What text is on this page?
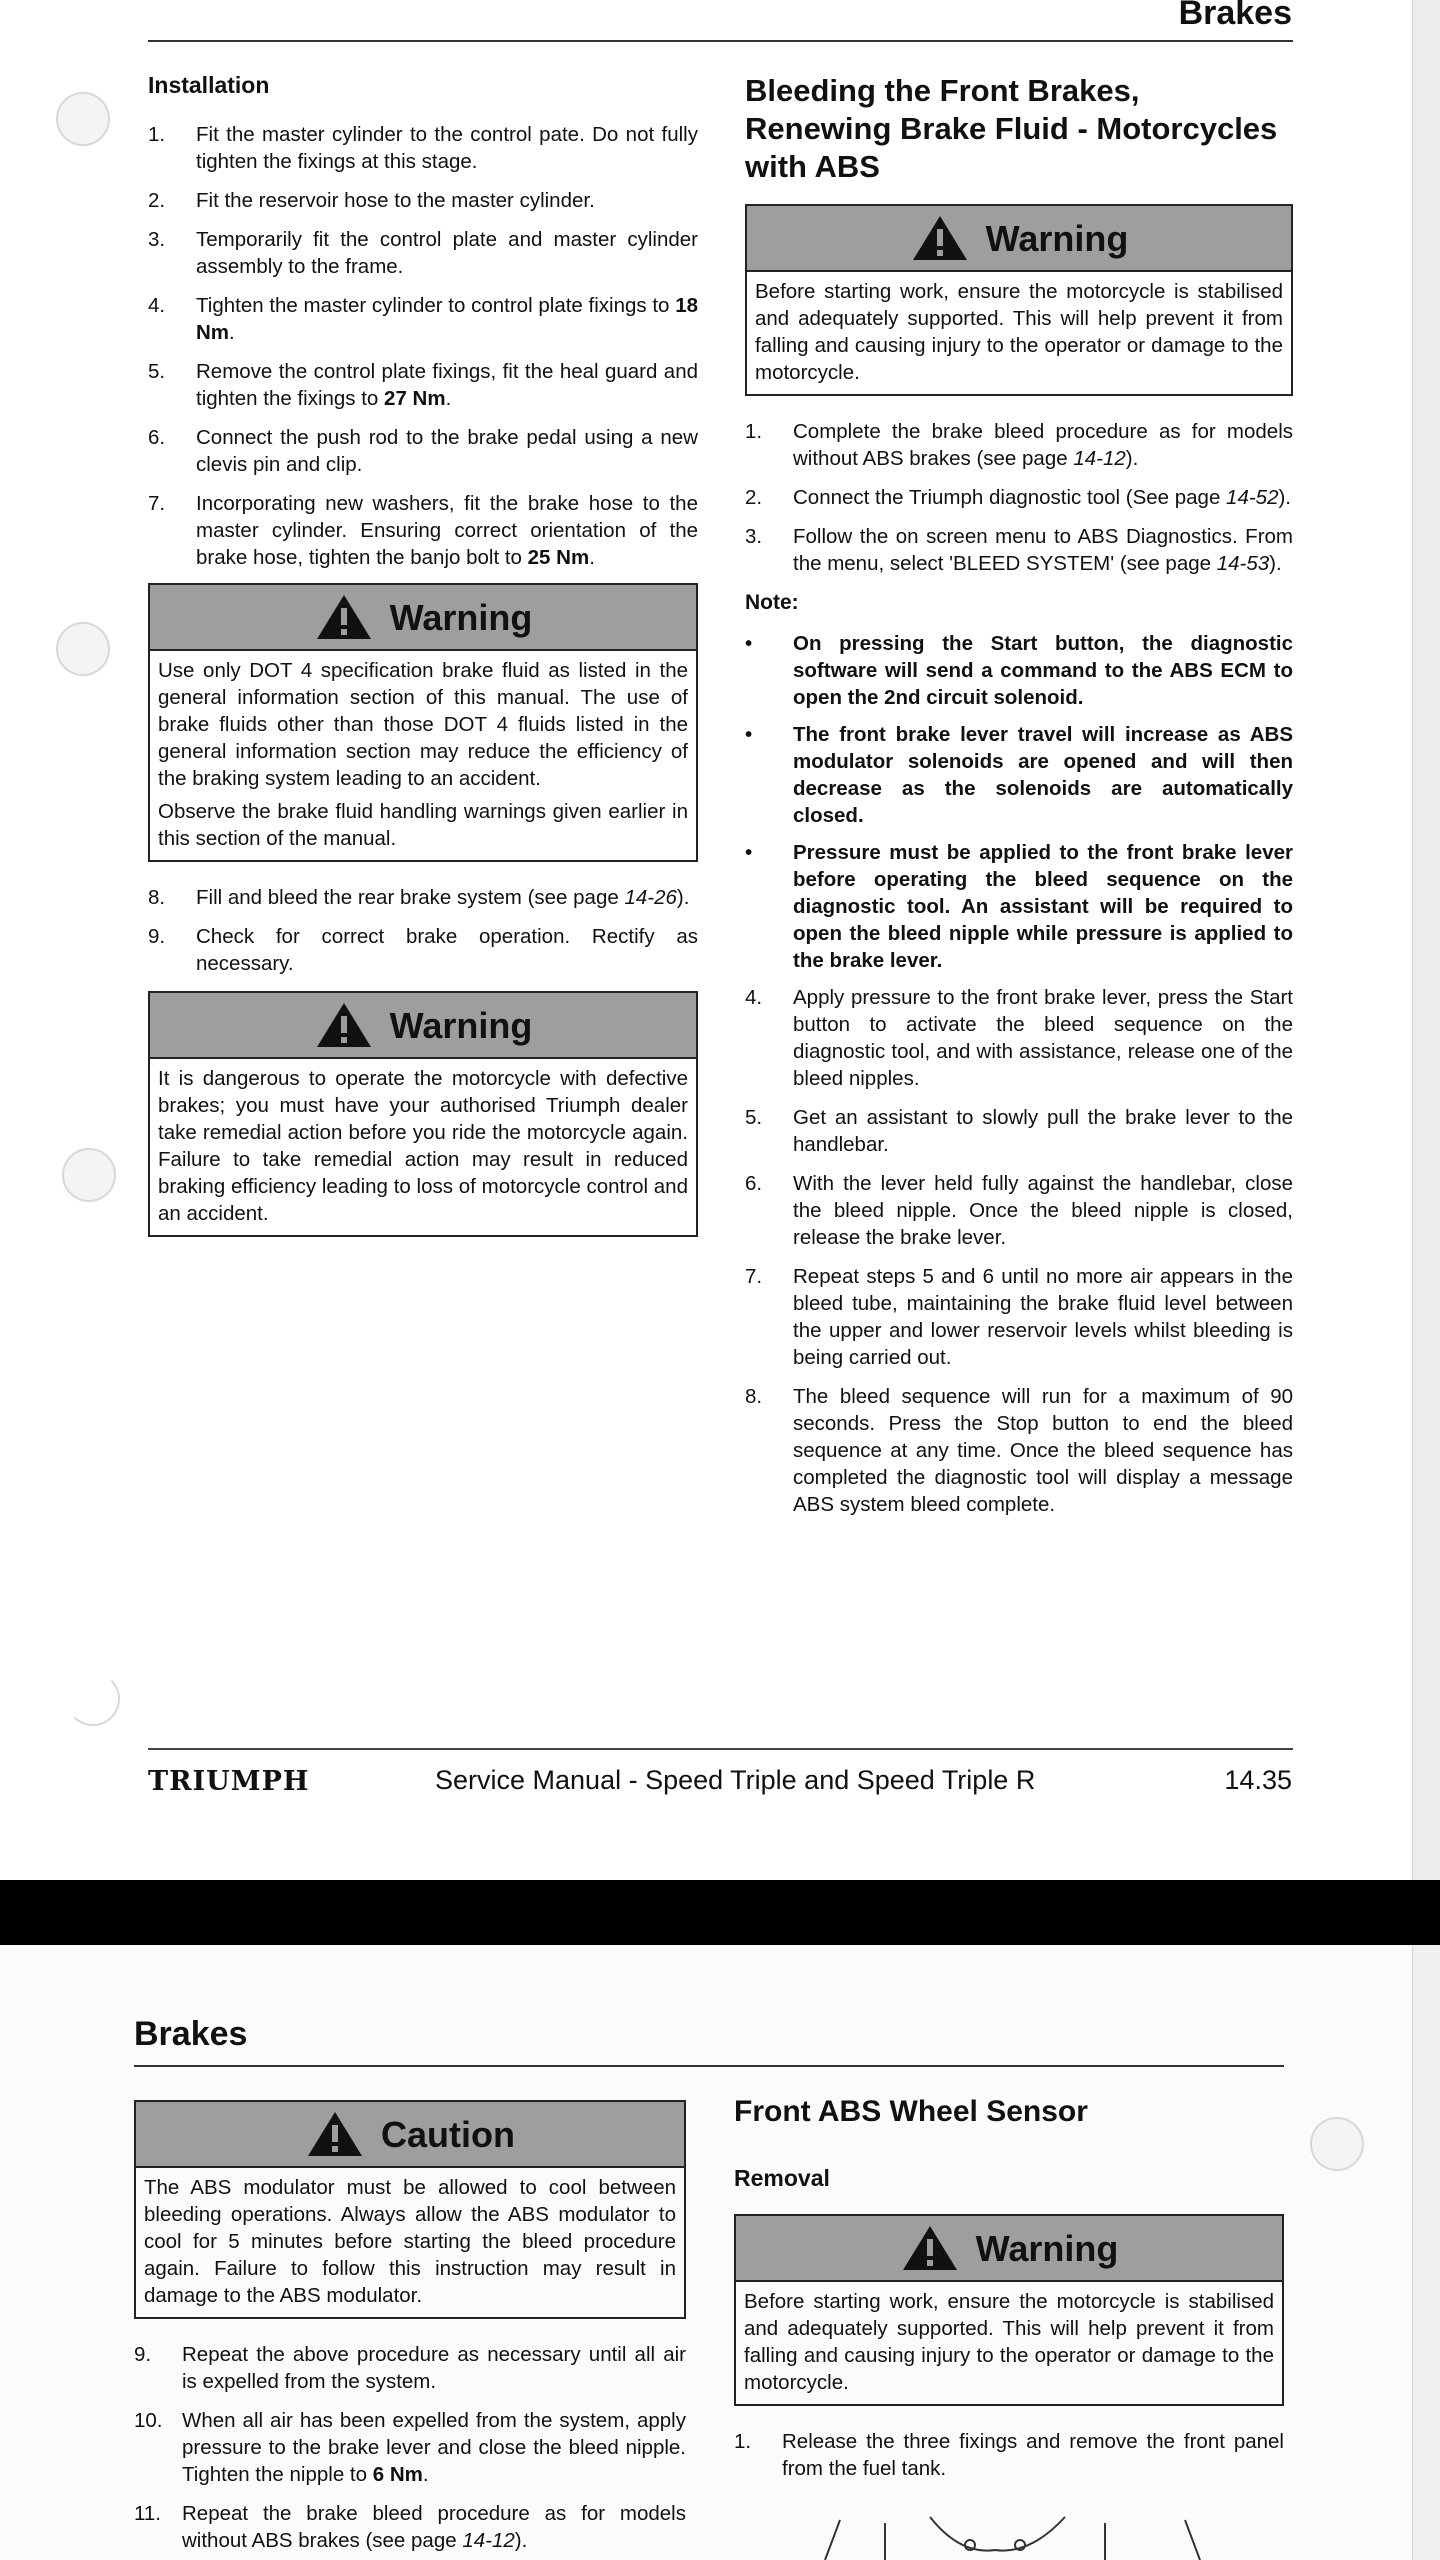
Brakes
Installation
1.	Fit the master cylinder to the control pate. Do not fully tighten the fixings at this stage.
2.	Fit the reservoir hose to the master cylinder.
3.	Temporarily fit the control plate and master cylinder assembly to the frame.
4.	Tighten the master cylinder to control plate fixings to 18 Nm.
5.	Remove the control plate fixings, fit the heal guard and tighten the fixings to 27 Nm.
6.	Connect the push rod to the brake pedal using a new clevis pin and clip.
7.	Incorporating new washers, fit the brake hose to the master cylinder. Ensuring correct orientation of the brake hose, tighten the banjo bolt to 25 Nm.
Warning

Use only DOT 4 specification brake fluid as listed in the general information section of this manual. The use of brake fluids other than those DOT 4 fluids listed in the general information section may reduce the efficiency of the braking system leading to an accident.

Observe the brake fluid handling warnings given earlier in this section of the manual.

8.	Fill and bleed the rear brake system (see page 14-26).
9.	Check for correct brake operation. Rectify as necessary.
Warning

It is dangerous to operate the motorcycle with defective brakes; you must have your authorised Triumph dealer take remedial action before you ride the motorcycle again. Failure to take remedial action may result in reduced braking efficiency leading to loss of motorcycle control and an accident.

Bleeding the Front Brakes, Renewing Brake Fluid - Motorcycles with ABS
Warning

Before starting work, ensure the motorcycle is stabilised and adequately supported. This will help prevent it from falling and causing injury to the operator or damage to the motorcycle.

1.	Complete the brake bleed procedure as for models without ABS brakes (see page 14-12).
2.	Connect the Triumph diagnostic tool (See page 14-52).
3.	Follow the on screen menu to ABS Diagnostics. From the menu, select 'BLEED SYSTEM' (see page 14-53).
Note:
•	On pressing the Start button, the diagnostic software will send a command to the ABS ECM to open the 2nd circuit solenoid.
•	The front brake lever travel will increase as ABS modulator solenoids are opened and will then decrease as the solenoids are automatically closed.
•	Pressure must be applied to the front brake lever before operating the bleed sequence on the diagnostic tool. An assistant will be required to open the bleed nipple while pressure is applied to the brake lever.
4.	Apply pressure to the front brake lever, press the Start button to activate the bleed sequence on the diagnostic tool, and with assistance, release one of the bleed nipples.
5.	Get an assistant to slowly pull the brake lever to the handlebar.
6.	With the lever held fully against the handlebar, close the bleed nipple. Once the bleed nipple is closed, release the brake lever.
7.	Repeat steps 5 and 6 until no more air appears in the bleed tube, maintaining the brake fluid level between the upper and lower reservoir levels whilst bleeding is being carried out.
8.	The bleed sequence will run for a maximum of 90 seconds. Press the Stop button to end the bleed sequence at any time. Once the bleed sequence has completed the diagnostic tool will display a message ABS system bleed complete.
TRIUMPH	Service Manual - Speed Triple and Speed Triple R	14.35
Brakes
Caution

The ABS modulator must be allowed to cool between bleeding operations. Always allow the ABS modulator to cool for 5 minutes before starting the bleed procedure again. Failure to follow this instruction may result in damage to the ABS modulator.

9.	Repeat the above procedure as necessary until all air is expelled from the system.
10. When all air has been expelled from the system, apply pressure to the brake lever and close the bleed nipple. Tighten the nipple to 6 Nm.
11.	Repeat the brake bleed procedure as for models without ABS brakes (see page 14-12).
Front ABS Wheel Sensor
Removal
Warning

Before starting work, ensure the motorcycle is stabilised and adequately supported. This will help prevent it from falling and causing injury to the operator or damage to the motorcycle.

1.	Release the three fixings and remove the front panel from the fuel tank.
